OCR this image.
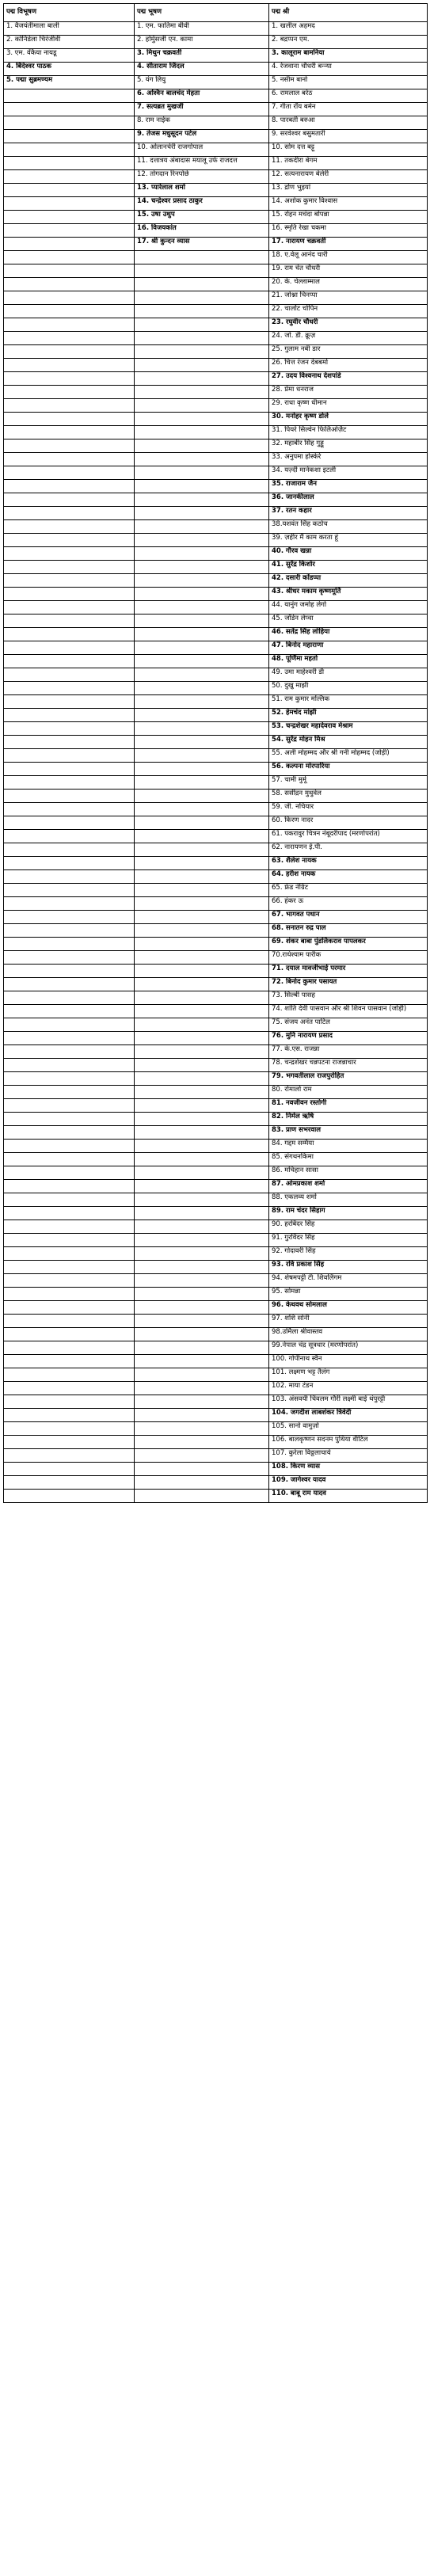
पद्म विभूषण	पद्म भूषण	पद्म श्री
1. वैजयंतीमाला बाली	1. एम. फातिमा बीवी	1. खलील अहमद
2. कोनिडेला चिरंजीवी	2. होर्मुसजी एन. कामा	2. बद्रप्पन एम.
3. एम. वेंकैया नायडू	3. मिथुन चक्रवर्ती	3. कालूराम बामनिया
4. बिंदेश्वर पाठक	4. सीताराम जिंदल	4. रेजवाना चौधरी बन्न्या
5. पद्मा सुब्रमण्यम	5. यंग लियु	5. नसीम बानो
	6. अश्विन बालचंद मेहता	6. रामलाल बरेठ
	7. सत्यब्रत मुखर्जी	7. गीता रॉय बर्मन
	8. राम नाईक	8. पारबती बरुआ
	9. तेजस मधुसूदन पटेल	9. सरवेश्वर बसुमतारी
	10. ओलानचेरी राजगोपाल	10. सोम दत्त बट्टू
	11. दत्तात्रय अंबादास मयालू उर्फ राजदत्त	11. तकदीरा बेगम
	12. तोगदान रिनपोछे	12. सत्यनारायण बेलेरी
	13. प्यारेलाल शर्मा	13. द्रोण भुइयां
	14. चन्द्रेश्वर प्रसाद ठाकुर	14. अशोक कुमार विश्वास
	15. उषा उथुप	15. रोहन मचंदा बोपन्ना
	16. विजयकांत	16. स्मृति रेखा चकमा
	17. श्री कुन्दन व्यास	17. नारायण चक्रवर्ती
		18. ए.वेलू आनंद चारी
		19. राम चेत चौधरी
		20. के. चेल्लाम्माल
		21. जोश्ना चिनप्पा
		22. चार्लोट चोपिन
		23. रघुवीर चौधरी
		24. जो. डी. क्रूज़
		25. गुलाम नबी डार
		26. चित्त रंजन देबबर्मा
		27. उदय विश्वनाथ देशपांडे
		28. प्रेमा धनराज
		29. राधा कृष्ण धीमान
		30. मनोहर कृष्ण डोले
		31. पियरे सिल्वेन फिलिओज़ैट
		32. महाबीर सिंह गुड्डू
		33. अनुपमा होस्केरे
		34. यज़्दी मानेकशा इटली
		35. राजाराम जैन
		36. जानकीलाल
		37. रतन कहार
		38.यशवंत सिंह कठोच
		39. ज़हीर मैं काम करता हूं
		40. गौरव खन्ना
		41. सुरेंद्र किशोर
		42. दसारी कोंडप्पा
		43. श्रीधर मकाम कृष्णमूर्ति
		44. यानुंग जमोह लेगो
		45. जॉर्डन लेप्चा
		46. सतेंद्र सिंह लोहिया
		47. बिनोद महाराणा
		48. पूर्णिमा महतो
		49. उमा माहेश्वरी डी
		50. दुखु माझी
		51. राम कुमार मल्लिक
		52. हेमचंद मांझी
		53. चन्द्रशेखर महादेवराव मेश्राम
		54. सुरेंद्र मोहन मिश्र
		55. अली मोहम्मद और श्री गनी मोहम्मद (जोड़ी)
		56. कल्पना मोरपारिया
		57. चामी मुर्मू
		58. ससींद्रन मुथुवेल
		59. जी. नचियार
		60. किरण नादर
		61. पकरावुर चित्रन नंबूदरीपाद (मरणोपरांत)
		62. नारायणन ई.पी.
		63. शैलेश नायक
		64. हरीश नायक
		65. फ्रेड नेग्रिट
		66. हंकर ऊ
		67. भागवत पधान
		68. सनातन रुद्र पाल
		69. शंकर बाबा पुंडलिकराव पापलकर
		70.राधेश्याम पारीक
		71. दयाल मावजीभाई परमार
		72. बिनोद कुमार पसायत
		73. सिल्बी पासह
		74. शांति देवी पासवान और श्री शिवन पासवान (जोड़ी)
		75. संजय अनंत पाटिल
		76. मुनि नारायण प्रसाद
		77. के.एस. राजन्ना
		78. चन्द्रशेखर चन्नपटना राजन्नाचार
		79. भगवतीलाल राजपुरोहित
		80. रोमालो राम
		81. नवजीवन रस्तोगी
		82. निर्मल ऋषि
		83. प्राण सभरवाल
		84. गद्दम सम्मैया
		85. संगथनकिमा
		86. मचिहान सासा
		87. ओमप्रकाश शर्मा
		88. एकलव्य शर्मा
		89. राम चंदर सिहाग
		90. हरबिंदर सिंह
		91. गुरविंदर सिंह
		92. गोदावरी सिंह
		93. रवि प्रकाश सिंह
		94. शेषमपट्टी टी. शिवलिंगम
		95. सोमन्ना
		96. केथवथ सोमलाल
		97. शशि सोनी
		98.उर्मिला श्रीवास्तव
		99.नेपाल चंद्र सूत्रधार (मरणोपरांत)
		100. गोपीनाथ स्वैन
		101. लक्ष्मण भट्ट तैलंग
		102. माया टंडन
		103. अंसवयी चिंवलम गौरी लक्ष्मी बाई थंपुरट्टी
		104. जगदीश लाबशंकर त्रिवेदी
		105. सानो वामुज़ो
		106. बालकृष्णन सदनम पुथिया वीटिल
		107. कुरेला विठ्ठलाचार्य
		108. किरण व्यास
		109. जागेश्वर यादव
		110. बाबू राम यादव
